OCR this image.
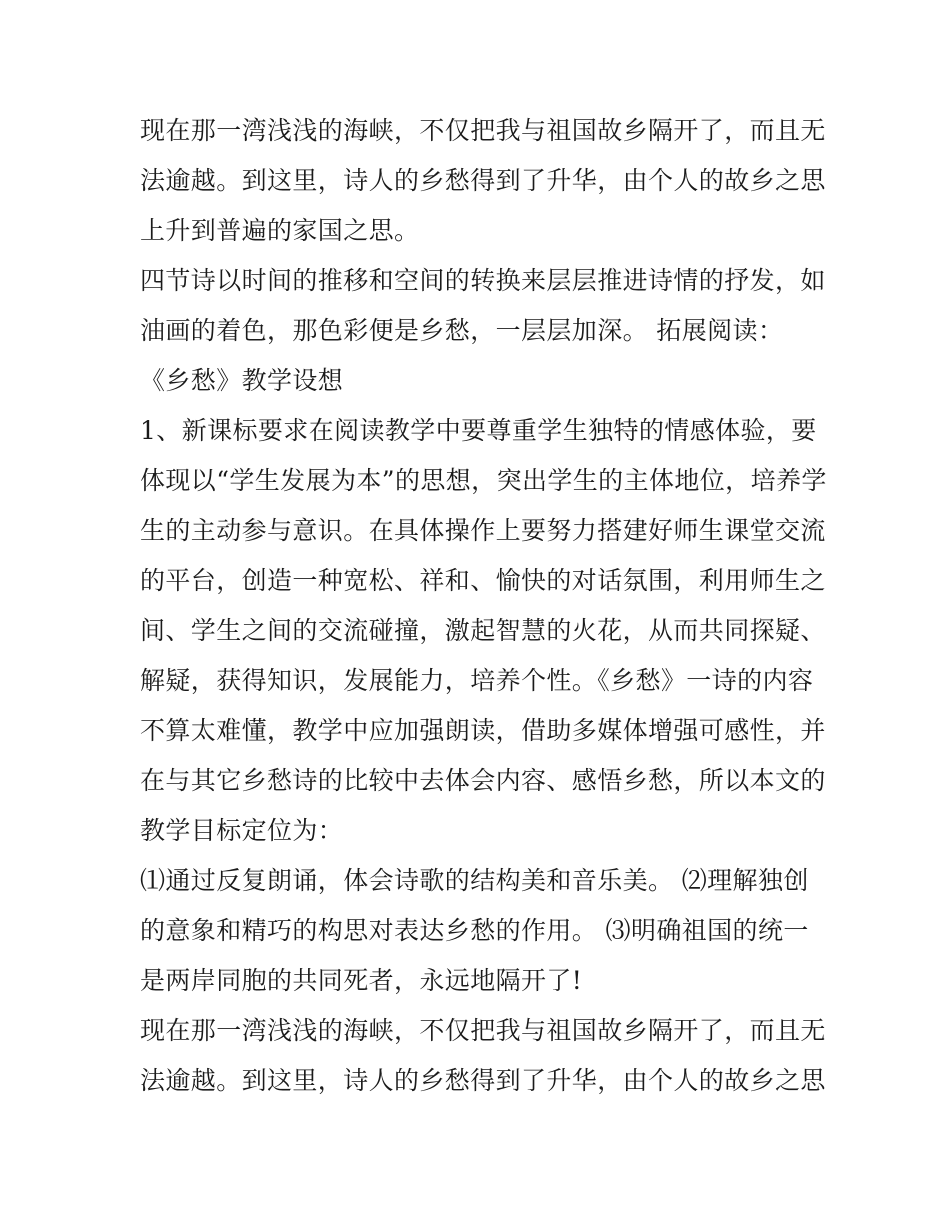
现在那一湾浅浅的海峡，不仅把我与祖国故乡隔开了，而且无
法逾越。到这里，诗人的乡愁得到了升华，由个人的故乡之思
上升到普遍的家国之思。
四节诗以时间的推移和空间的转换来层层推进诗情的抒发，如
油画的着色，那色彩便是乡愁，一层层加深。 拓展阅读：
《乡愁》教学设想
1、新课标要求在阅读教学中要尊重学生独特的情感体验，要
体现以“学生发展为本”的思想，突出学生的主体地位，培养学
生的主动参与意识。在具体操作上要努力搭建好师生课堂交流
的平台，创造一种宽松、祥和、愉快的对话氛围，利用师生之
间、学生之间的交流碰撞，激起智慧的火花，从而共同探疑、
解疑，获得知识，发展能力，培养个性。《乡愁》一诗的内容
不算太难懂，教学中应加强朗读，借助多媒体增强可感性，并
在与其它乡愁诗的比较中去体会内容、感悟乡愁，所以本文的
教学目标定位为：
⑴通过反复朗诵，体会诗歌的结构美和音乐美。 ⑵理解独创
的意象和精巧的构思对表达乡愁的作用。 ⑶明确祖国的统一
是两岸同胞的共同死者，永远地隔开了!
现在那一湾浅浅的海峡，不仅把我与祖国故乡隔开了，而且无
法逾越。到这里，诗人的乡愁得到了升华，由个人的故乡之思
